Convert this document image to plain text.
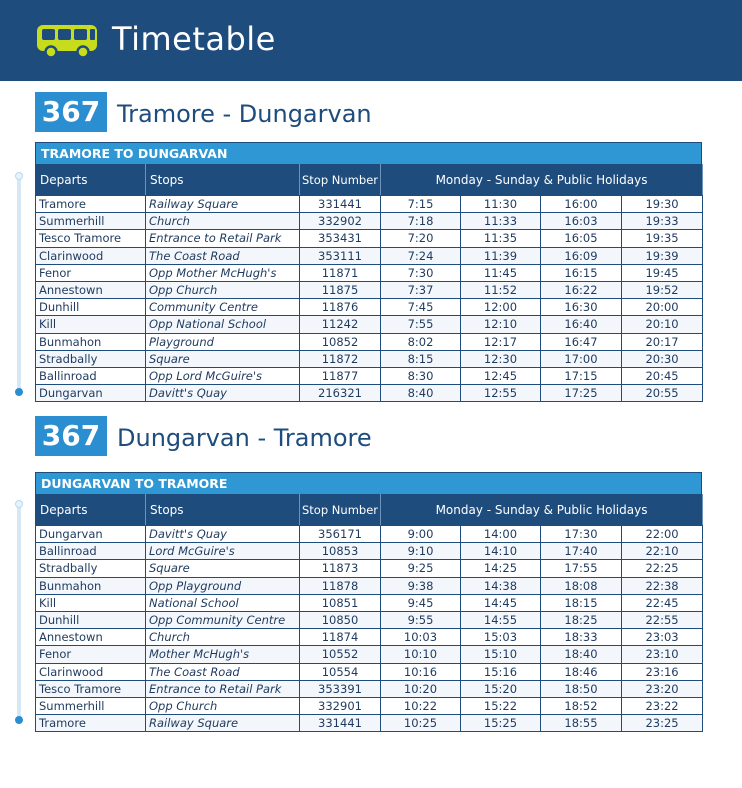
Timetable
367 Tramore - Dungarvan
TRAMORE TO DUNGARVAN
Departs	Stops	Stop Number	Monday - Sunday & Public Holidays			
Tramore	Railway Square	331441	7:15	11:30	16:00	19:30
Summerhill	Church	332902	7:18	11:33	16:03	19:33
Tesco Tramore	Entrance to Retail Park	353431	7:20	11:35	16:05	19:35
Clarinwood	The Coast Road	353111	7:24	11:39	16:09	19:39
Fenor	Opp Mother McHugh's	11871	7:30	11:45	16:15	19:45
Annestown	Opp Church	11875	7:37	11:52	16:22	19:52
Dunhill	Community Centre	11876	7:45	12:00	16:30	20:00
Kill	Opp National School	11242	7:55	12:10	16:40	20:10
Bunmahon	Playground	10852	8:02	12:17	16:47	20:17
Stradbally	Square	11872	8:15	12:30	17:00	20:30
Ballinroad	Opp Lord McGuire's	11877	8:30	12:45	17:15	20:45
Dungarvan	Davitt's Quay	216321	8:40	12:55	17:25	20:55
367 Dungarvan - Tramore
DUNGARVAN TO TRAMORE
Departs	Stops	Stop Number	Monday - Sunday & Public Holidays			
Dungarvan	Davitt's Quay	356171	9:00	14:00	17:30	22:00
Ballinroad	Lord McGuire's	10853	9:10	14:10	17:40	22:10
Stradbally	Square	11873	9:25	14:25	17:55	22:25
Bunmahon	Opp Playground	11878	9:38	14:38	18:08	22:38
Kill	National School	10851	9:45	14:45	18:15	22:45
Dunhill	Opp Community Centre	10850	9:55	14:55	18:25	22:55
Annestown	Church	11874	10:03	15:03	18:33	23:03
Fenor	Mother McHugh's	10552	10:10	15:10	18:40	23:10
Clarinwood	The Coast Road	10554	10:16	15:16	18:46	23:16
Tesco Tramore	Entrance to Retail Park	353391	10:20	15:20	18:50	23:20
Summerhill	Opp Church	332901	10:22	15:22	18:52	23:22
Tramore	Railway Square	331441	10:25	15:25	18:55	23:25
